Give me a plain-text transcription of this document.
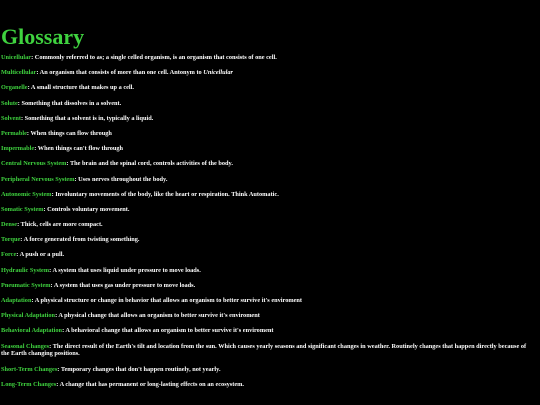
Glossary

Unicellular: Commonly referred to as; a single celled organism, is an organism that consists of one cell.

Multicellular: An organism that consists of more than one cell. Antonym to Unicellular

Organelle: A small structure that makes up a cell.

Solute: Something that dissolves in a solvent.

Solvent: Something that a solvent is in, typically a liquid.

Permable: When things can flow through

Impermable: When things can't flow through

Central Nervous System: The brain and the spinal cord, controls activities of the body.

Peripheral Nervous System: Uses nerves throughout the body.

Autonomic System: Involuntary movements of the body, like the heart or respiration. Think Automatic.

Somatic System: Controls voluntary movement.

Dense: Thick, cells are more compact.

Torque: A force generated from twisting something.

Force: A push or a pull.

Hydraulic System: A system that uses liquid under pressure to move loads.

Pneumatic System: A system that uses gas under pressure to move loads.

Adaptation: A physical structure or change in behavior that allows an organism to better survive it's enviroment

Physical Adaptation: A physical change that allows an organism to better survive it's enviroment

Behavioral Adaptation: A behavioral change that allows an organism to better survive it's enviroment

Seasonal Changes: The direct result of the Earth's tilt and location from the sun. Which causes yearly seasons and significant changes in weather. Routinely changes that happen directly because of the Earth changing positions.

Short-Term Changes: Temporary changes that don't happen routinely, not yearly.

Long-Term Changes: A change that has permanent or long-lasting effects on an ecosystem.
